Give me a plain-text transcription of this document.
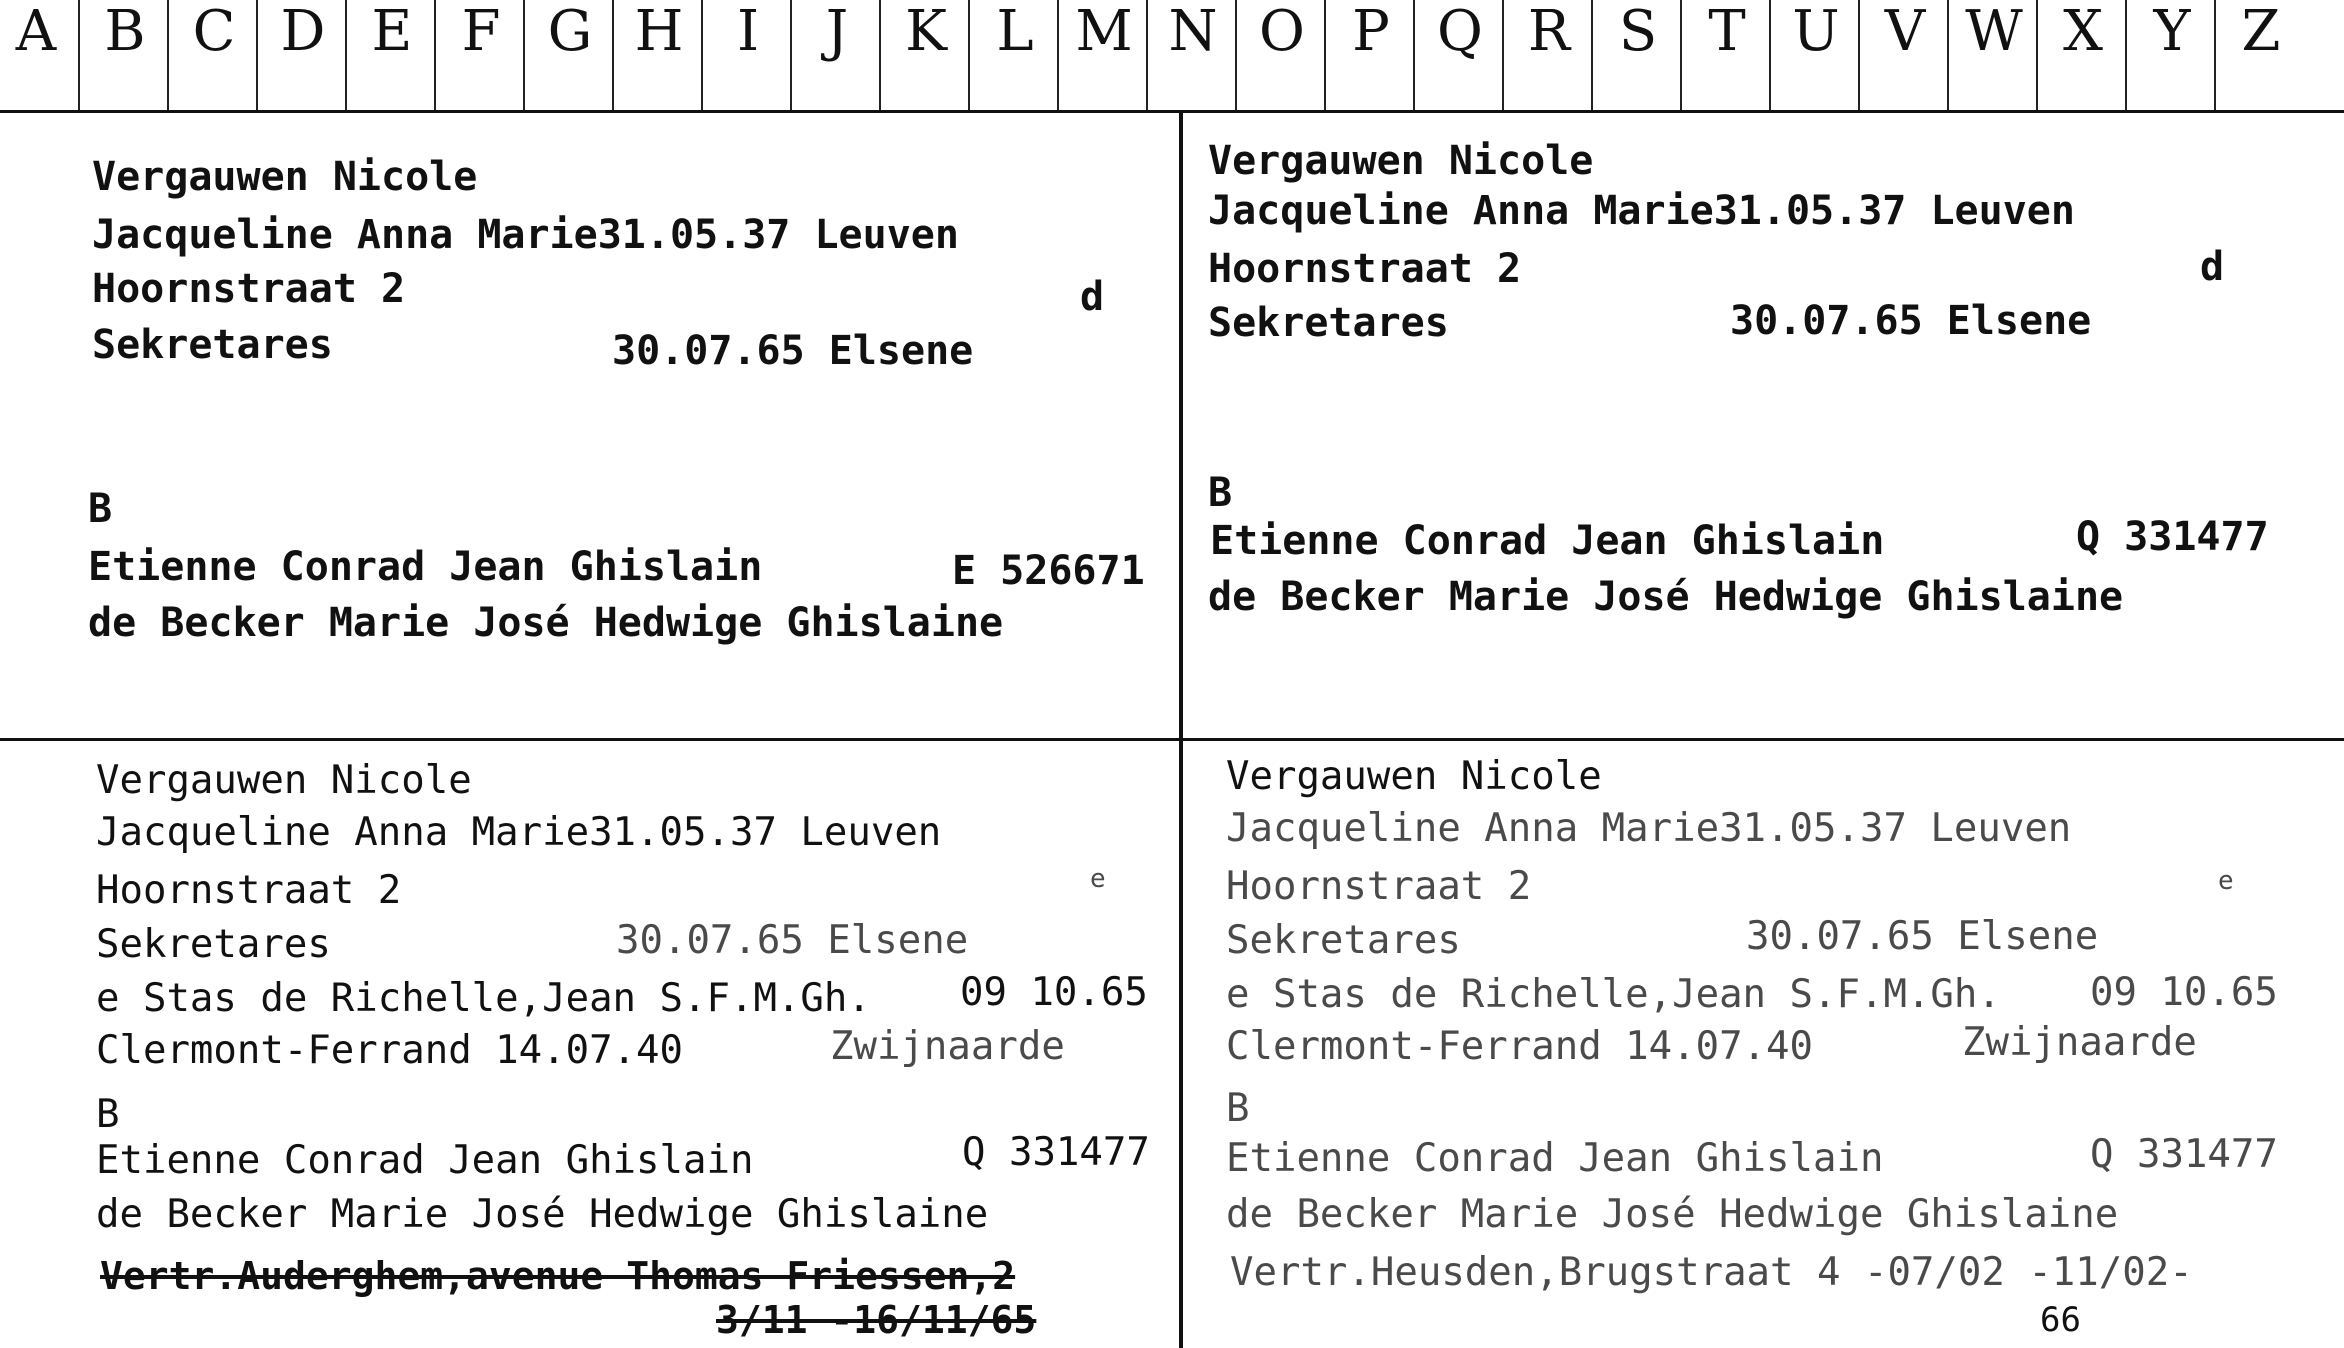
A B C D E F G H I	J	K L M N O P Q R S T U V W X Y Z
Vergauwen Nicole
Jacqueline Anna Marie31.05.37 Leuven
Hoornstraat 2	d
Sekretares	30.07.65 Elsene
B
Etienne Conrad Jean Ghislain	E 526671
de Becker Marie José Hedwige Ghislaine
Vergauwen Nicole
Jacqueline Anna Marie31.05.37 Leuven
Hoornstraat 2	d
Sekretares	30.07.65 Elsene
B
Etienne Conrad Jean Ghislain	Q 331477
de Becker Marie José Hedwige Ghislaine
Vergauwen Nicole
Jacqueline Anna Marie31.05.37 Leuven
Hoornstraat 2	e
Sekretares	30.07.65 Elsene
e Stas de Richelle,Jean S.F.M.Gh. 09 10.65
Clermont-Ferrand 14.07.40	Zwijnaarde
B
Etienne Conrad Jean Ghislain	Q 331477
de Becker Marie José Hedwige Ghislaine
Vertr.Auderghem,avenue Thomas Friessen,2
3/11 -16/11/65
Vergauwen Nicole
Jacqueline Anna Marie31.05.37 Leuven
Hoornstraat 2	e
Sekretares	30.07.65 Elsene
e Stas de Richelle,Jean S.F.M.Gh. 09 10.65
Clermont-Ferrand 14.07.40	Zwijnaarde
B
Etienne Conrad Jean Ghislain	Q 331477
de Becker Marie José Hedwige Ghislaine
Vertr.Heusden,Brugstraat 4 -07/02 -11/02-
66
